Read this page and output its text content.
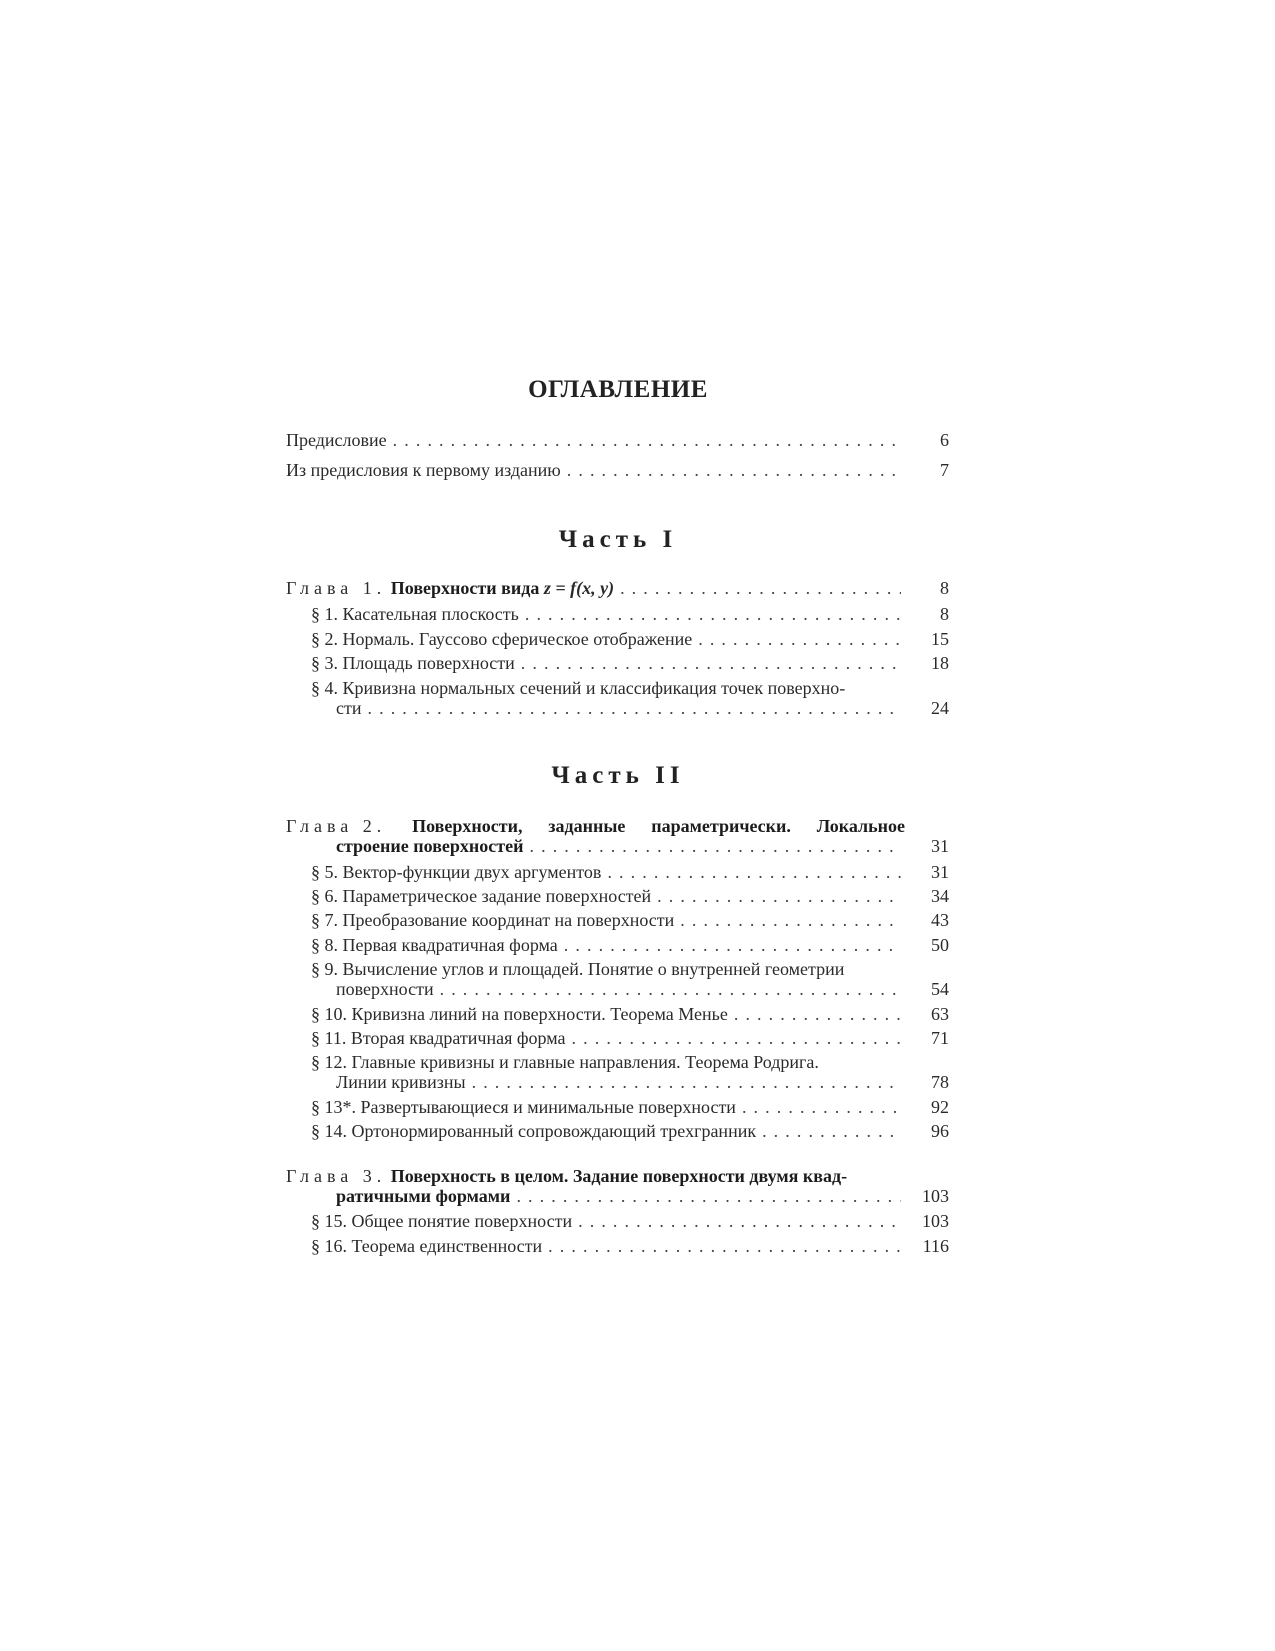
ОГЛАВЛЕНИЕ
Предисловие . . .	6
Из предисловия к первому изданию . . .	7
Часть I
Глава 1. Поверхности вида z = f(x, y) . . .	8
§ 1. Касательная плоскость . . .	8
§ 2. Нормаль. Гауссово сферическое отображение . . .	15
§ 3. Площадь поверхности . . .	18
§ 4. Кривизна нормальных сечений и классификация точек поверхно-
сти . . .	24
Часть II
Глава 2. Поверхности, заданные параметрически. Локальное
строение поверхностей . . .	31
§ 5. Вектор-функции двух аргументов . . .	31
§ 6. Параметрическое задание поверхностей . . .	34
§ 7. Преобразование координат на поверхности . . .	43
§ 8. Первая квадратичная форма . . .	50
§ 9. Вычисление углов и площадей. Понятие о внутренней геометрии
поверхности . . .	54
§ 10. Кривизна линий на поверхности. Теорема Менье . . .	63
§ 11. Вторая квадратичная форма . . .	71
§ 12. Главные кривизны и главные направления. Теорема Родрига.
Линии кривизны . . .	78
§ 13*. Развертывающиеся и минимальные поверхности . . .	92
§ 14. Ортонормированный сопровождающий трехгранник . . .	96
Глава 3. Поверхность в целом. Задание поверхности двумя квад-
ратичными формами . . .	103
§ 15. Общее понятие поверхности . . .	103
§ 16. Теорема единственности . . .	116
